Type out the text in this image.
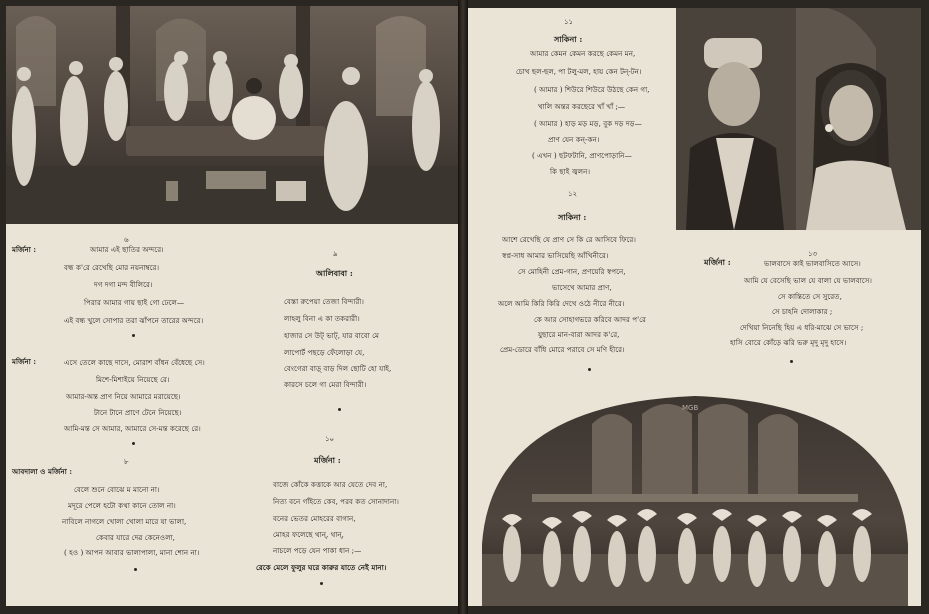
৬
মর্জিনা :	আমার এই ছাতির অন্দরে।
বন্ধ ক'রে রেখেছি মোর নয়নাম্বরে।
দগ দগা মন্দ বীলিরে।
পিরার আমার গায় ছাই গো ঢেলে—
এই বন্ধ খুলে সোপার তরা ঝাঁপনে তারের অন্দরে।
মর্জিনা :	এসে তেলে কাছে দাসে, মোরাশ বাঁধন বেঁধেছে সে।
মিশে-মিশাইয়ে নিয়েছে রে।
আমার-অন্ত প্রাণ নিয়ে আমারে মরায়েছে।
টানে টানে প্রাণে টেনে নিয়েছে।
আমি-মন্ত সে আমার, আমারে সে-মন্ত করেছে রে।
৮
আবদালা ও মর্জিনা :
বেলে শুনে বোঝে ম মানো না।
মদূরে পেলে হটো কথা কানে তোল না।
নাবিলে নাগলে খোলা খোলা মারে যা ভালা,
কেবার যারে দেৱ কেনেওলা,
( হও ) আপন আবার ভালাপালা, মানা শোন না।
৯
আলিবাবা :
বেস্তা রুপেয়া তেজা বিন্দারী।
লাহলু বিনা এ কা তকরারী।
হাজার সে উট্ ভাট্, যার বাবো মে
লাপোর্ট পছড়ে ফেঁলোড়া যে,
বেংগেরা বাড়্ বাড় দিল ছোটি হো যাই,
কারসে চলে গা মেরা বিন্দারী।
১০
মর্জিনা :
বাজে কোঁকে কত্তাকে আর যেতে দেব না,
নিত্য বনে গাঁইতে কেব, পরব কত সোনাদানা।
বনের ভেতর মোহরের বাগান,
মোহর ফলেছে থান্, থান্,
নাচলে পড়ে যেন পাকা ধান ;—
রেকে মেলে ফুলুর ঘরে কারুর যাতে নেই মানা।
১১
সাকিনা :
আমার কেমন কেমন করছে কেমন মন,
চোখ ছল-ছল, পা টলু-মল, হায় কেন টন্-টন।
( আমার ) শিউরে শিউরে উঠছে কেন গা,
খালি অন্তর করছেরে খাঁ খাঁ ;—
( আমার ) হাড় মড় মড়, বুক দড় দড়—
প্রাণ যেন কন্-কন।
( এখন ) ছটফটানি, প্রাণপোড়ানি—
কি ছাই জ্বলন।
১২
সাকিনা :
আশে রেখেছি যে প্রাণ সে কি রে আসিবে ফিরে।
স্বপ্ন-সাধ আমার ভাসিয়েছি আঁখিনীরে।
সে মোহিনী প্রেম-গান, প্রণয়েরি স্বপনে,
ভাসেখে আমার প্রাণ,
অলে আমি কিরি কিরি দেখে ওঠে নীরে নীরে।
কে আর সোহাগভরে করিবে আদর প'রে
যুছারে মান-বারা আদর ক'রে,
প্রেম-ডোরে বাঁধি মোরে পরাবে সে মণি হীরে।
১৩
মর্জিনা :	ভালবাসে কাই ভালবাসিতে আসে।
আমি যে বেসেছি ভাল যে বালা যে ভালবাসে।
সে কান্তিতে সে সুরেত,
সে চাহনি দোলাকার ;
দেখিয়া নিনেছি হিয় এ ধরি-মাঝে সে ভাসে ;
হাসি বোরে কোঁড়ে ঝরি ভরু মৃদু মৃদু হাসে।
MGB
